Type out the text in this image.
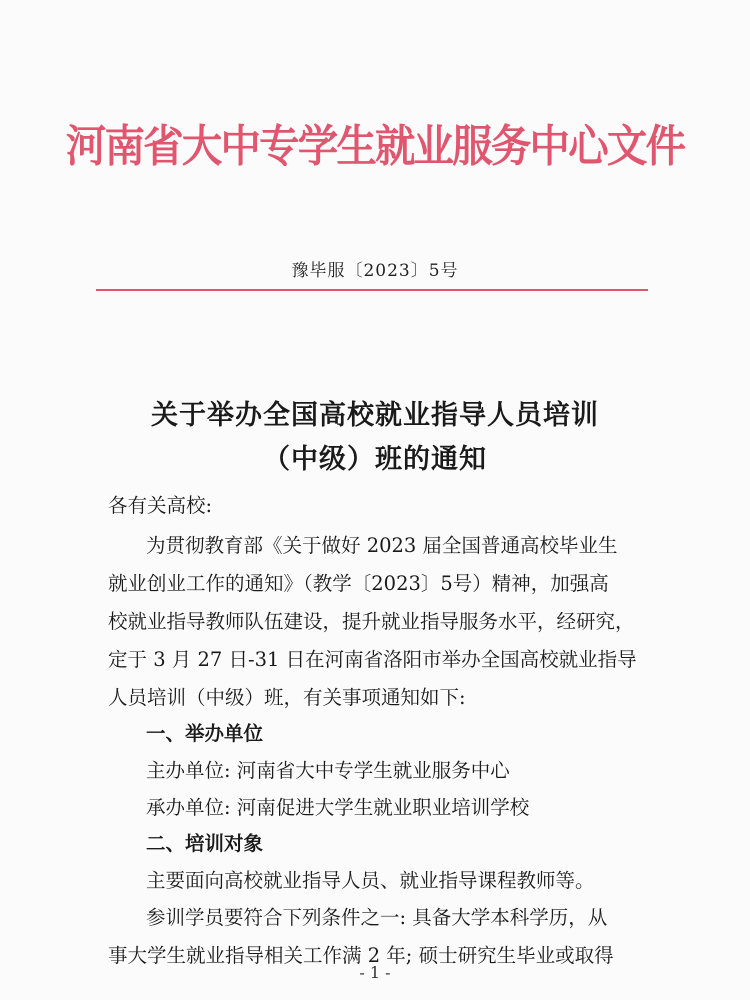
河南省大中专学生就业服务中心文件
豫毕服〔2023〕5号
关于举办全国高校就业指导人员培训
（中级）班的通知
各有关高校:
为贯彻教育部《关于做好 2023 届全国普通高校毕业生
就业创业工作的通知》（教学〔2023〕5号）精神，加强高
校就业指导教师队伍建设，提升就业指导服务水平，经研究，
定于 3 月 27 日-31 日在河南省洛阳市举办全国高校就业指导
人员培训（中级）班，有关事项通知如下:
一、举办单位
主办单位: 河南省大中专学生就业服务中心
承办单位: 河南促进大学生就业职业培训学校
二、培训对象
主要面向高校就业指导人员、就业指导课程教师等。
参训学员要符合下列条件之一: 具备大学本科学历，从
事大学生就业指导相关工作满 2 年; 硕士研究生毕业或取得
- 1 -
